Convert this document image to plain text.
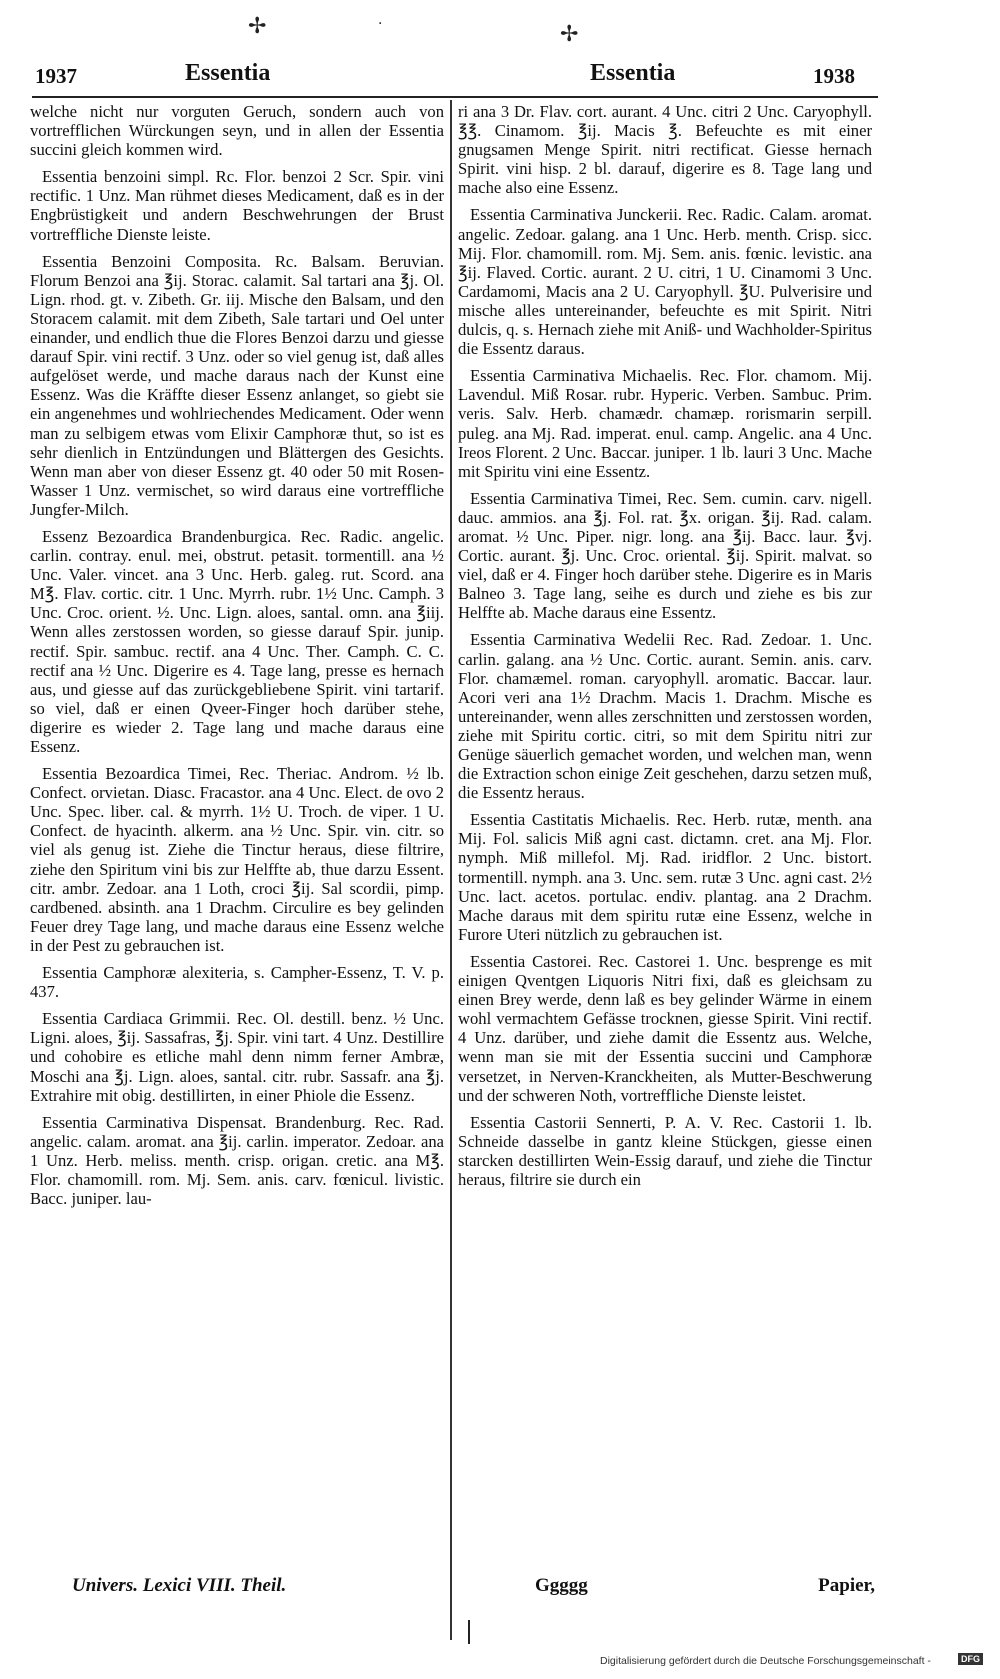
✢	·	✢
1937	Essentia	Essentia	1938

welche nicht nur vorguten Geruch, sondern auch von vortrefflichen Würckungen seyn, und in allen der Essentia succini gleich kommen wird.

Essentia benzoini simpl. Rc. Flor. benzoi 2 Scr. Spir. vini rectific. 1 Unz. Man rühmet dieses Medicament, daß es in der Engbrüstigkeit und andern Beschwehrungen der Brust vortreffliche Dienste leiste.

Essentia Benzoini Composita. Rc. Balsam. Beruvian. Florum Benzoi ana ℥ij. Storac. calamit. Sal tartari ana ℥j. Ol. Lign. rhod. gt. v. Zibeth. Gr. iij. Mische den Balsam, und den Storacem calamit. mit dem Zibeth, Sale tartari und Oel unter einander, und endlich thue die Flores Benzoi darzu und giesse darauf Spir. vini rectif. 3 Unz. oder so viel genug ist, daß alles aufgelöset werde, und mache daraus nach der Kunst eine Essenz. Was die Kräffte dieser Essenz anlanget, so giebt sie ein angenehmes und wohlriechendes Medicament. Oder wenn man zu selbigem etwas vom Elixir Camphoræ thut, so ist es sehr dienlich in Entzündungen und Blättergen des Gesichts. Wenn man aber von dieser Essenz gt. 40 oder 50 mit Rosen-Wasser 1 Unz. vermischet, so wird daraus eine vortreffliche Jungfer-Milch.

Essenz Bezoardica Brandenburgica. Rec. Radic. angelic. carlin. contray. enul. mei, obstrut. petasit. tormentill. ana ½ Unc. Valer. vincet. ana 3 Unc. Herb. galeg. rut. Scord. ana M℥. Flav. cortic. citr. 1 Unc. Myrrh. rubr. 1½ Unc. Camph. 3 Unc. Croc. orient. ½. Unc. Lign. aloes, santal. omn. ana ℥iij. Wenn alles zerstossen worden, so giesse darauf Spir. junip. rectif. Spir. sambuc. rectif. ana 4 Unc. Ther. Camph. C. C. rectif ana ½ Unc. Digerire es 4. Tage lang, presse es hernach aus, und giesse auf das zurückgebliebene Spirit. vini tartarif. so viel, daß er einen Qveer-Finger hoch darüber stehe, digerire es wieder 2. Tage lang und mache daraus eine Essenz.

Essentia Bezoardica Timei, Rec. Theriac. Androm. ½ lb. Confect. orvietan. Diasc. Fracastor. ana 4 Unc. Elect. de ovo 2 Unc. Spec. liber. cal. & myrrh. 1½ U. Troch. de viper. 1 U. Confect. de hyacinth. alkerm. ana ½ Unc. Spir. vin. citr. so viel als genug ist. Ziehe die Tinctur heraus, diese filtrire, ziehe den Spiritum vini bis zur Helffte ab, thue darzu Essent. citr. ambr. Zedoar. ana 1 Loth, croci ℥ij. Sal scordii, pimp. cardbened. absinth. ana 1 Drachm. Circulire es bey gelinden Feuer drey Tage lang, und mache daraus eine Essenz welche in der Pest zu gebrauchen ist.

Essentia Camphoræ alexiteria, s. Campher-Essenz, T. V. p. 437.

Essentia Cardiaca Grimmii. Rec. Ol. destill. benz. ½ Unc. Ligni. aloes, ℥ij. Sassafras, ℥j. Spir. vini tart. 4 Unz. Destillire und cohobire es etliche mahl denn nimm ferner Ambræ, Moschi ana ℥j. Lign. aloes, santal. citr. rubr. Sassafr. ana ℥j. Extrahire mit obig. destillirten, in einer Phiole die Essenz.

Essentia Carminativa Dispensat. Brandenburg. Rec. Rad. angelic. calam. aromat. ana ℥ij. carlin. imperator. Zedoar. ana 1 Unz. Herb. meliss. menth. crisp. origan. cretic. ana M℥. Flor. chamomill. rom. Mj. Sem. anis. carv. fœnicul. livistic. Bacc. juniper. lau-

ri ana 3 Dr. Flav. cort. aurant. 4 Unc. citri 2 Unc. Caryophyll. ℥℥. Cinamom. ℥ij. Macis ℥. Befeuchte es mit einer gnugsamen Menge Spirit. nitri rectificat. Giesse hernach Spirit. vini hisp. 2 bl. darauf, digerire es 8. Tage lang und mache also eine Essenz.

Essentia Carminativa Junckerii. Rec. Radic. Calam. aromat. angelic. Zedoar. galang. ana 1 Unc. Herb. menth. Crisp. sicc. Mij. Flor. chamomill. rom. Mj. Sem. anis. fœnic. levistic. ana ℥ij. Flaved. Cortic. aurant. 2 U. citri, 1 U. Cinamomi 3 Unc. Cardamomi, Macis ana 2 U. Caryophyll. ℥U. Pulverisire und mische alles untereinander, befeuchte es mit Spirit. Nitri dulcis, q. s. Hernach ziehe mit Aniß- und Wachholder-Spiritus die Essentz daraus.

Essentia Carminativa Michaelis. Rec. Flor. chamom. Mij. Lavendul. Miß Rosar. rubr. Hyperic. Verben. Sambuc. Prim. veris. Salv. Herb. chamædr. chamæp. rorismarin serpill. puleg. ana Mj. Rad. imperat. enul. camp. Angelic. ana 4 Unc. Ireos Florent. 2 Unc. Baccar. juniper. 1 lb. lauri 3 Unc. Mache mit Spiritu vini eine Essentz.

Essentia Carminativa Timei, Rec. Sem. cumin. carv. nigell. dauc. ammios. ana ℥j. Fol. rat. ℥x. origan. ℥ij. Rad. calam. aromat. ½ Unc. Piper. nigr. long. ana ℥ij. Bacc. laur. ℥vj. Cortic. aurant. ℥j. Unc. Croc. oriental. ℥ij. Spirit. malvat. so viel, daß er 4. Finger hoch darüber stehe. Digerire es in Maris Balneo 3. Tage lang, seihe es durch und ziehe es bis zur Helffte ab. Mache daraus eine Essentz.

Essentia Carminativa Wedelii Rec. Rad. Zedoar. 1. Unc. carlin. galang. ana ½ Unc. Cortic. aurant. Semin. anis. carv. Flor. chamæmel. roman. caryophyll. aromatic. Baccar. laur. Acori veri ana 1½ Drachm. Macis 1. Drachm. Mische es untereinander, wenn alles zerschnitten und zerstossen worden, ziehe mit Spiritu cortic. citri, so mit dem Spiritu nitri zur Genüge säuerlich gemachet worden, und welchen man, wenn die Extraction schon einige Zeit geschehen, darzu setzen muß, die Essentz heraus.

Essentia Castitatis Michaelis. Rec. Herb. rutæ, menth. ana Mij. Fol. salicis Miß agni cast. dictamn. cret. ana Mj. Flor. nymph. Miß millefol. Mj. Rad. iridflor. 2 Unc. bistort. tormentill. nymph. ana 3. Unc. sem. rutæ 3 Unc. agni cast. 2½ Unc. lact. acetos. portulac. endiv. plantag. ana 2 Drachm. Mache daraus mit dem spiritu rutæ eine Essenz, welche in Furore Uteri nützlich zu gebrauchen ist.

Essentia Castorei. Rec. Castorei 1. Unc. besprenge es mit einigen Qventgen Liquoris Nitri fixi, daß es gleichsam zu einen Brey werde, denn laß es bey gelinder Wärme in einem wohl vermachtem Gefässe trocknen, giesse Spirit. Vini rectif. 4 Unz. darüber, und ziehe damit die Essentz aus. Welche, wenn man sie mit der Essentia succini und Camphoræ versetzet, in Nerven-Kranckheiten, als Mutter-Beschwerung und der schweren Noth, vortreffliche Dienste leistet.

Essentia Castorii Sennerti, P. A. V. Rec. Castorii 1. lb. Schneide dasselbe in gantz kleine Stückgen, giesse einen starcken destillirten Wein-Essig darauf, und ziehe die Tinctur heraus, filtrire sie durch ein

Univers. Lexici VIII. Theil.	Ggggg	Papier,
Digitalisierung gefördert durch die Deutsche Forschungsgemeinschaft -	DFG
